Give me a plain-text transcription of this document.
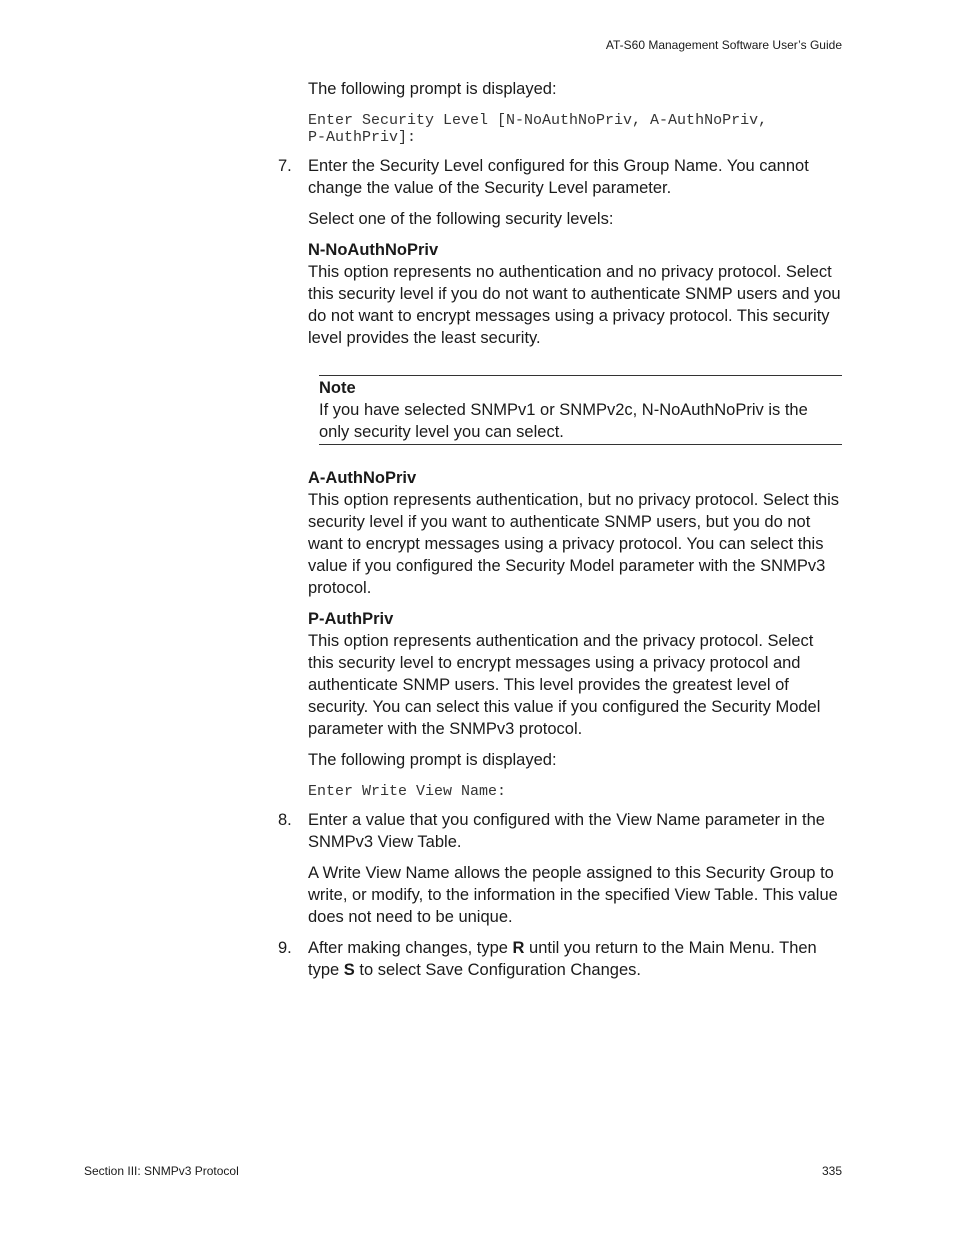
AT-S60 Management Software User’s Guide

The following prompt is displayed:

Enter Security Level [N-NoAuthNoPriv, A-AuthNoPriv,
P-AuthPriv]:

7. Enter the Security Level configured for this Group Name. You cannot change the value of the Security Level parameter.

Select one of the following security levels:

N-NoAuthNoPriv

This option represents no authentication and no privacy protocol. Select this security level if you do not want to authenticate SNMP users and you do not want to encrypt messages using a privacy protocol. This security level provides the least security.

Note

If you have selected SNMPv1 or SNMPv2c, N-NoAuthNoPriv is the only security level you can select.

A-AuthNoPriv

This option represents authentication, but no privacy protocol. Select this security level if you want to authenticate SNMP users, but you do not want to encrypt messages using a privacy protocol. You can select this value if you configured the Security Model parameter with the SNMPv3 protocol.

P-AuthPriv

This option represents authentication and the privacy protocol. Select this security level to encrypt messages using a privacy protocol and authenticate SNMP users. This level provides the greatest level of security. You can select this value if you configured the Security Model parameter with the SNMPv3 protocol.

The following prompt is displayed:

Enter Write View Name:

8. Enter a value that you configured with the View Name parameter in the SNMPv3 View Table.

A Write View Name allows the people assigned to this Security Group to write, or modify, to the information in the specified View Table. This value does not need to be unique.

9. After making changes, type R until you return to the Main Menu. Then type S to select Save Configuration Changes.

Section III: SNMPv3 Protocol	335
